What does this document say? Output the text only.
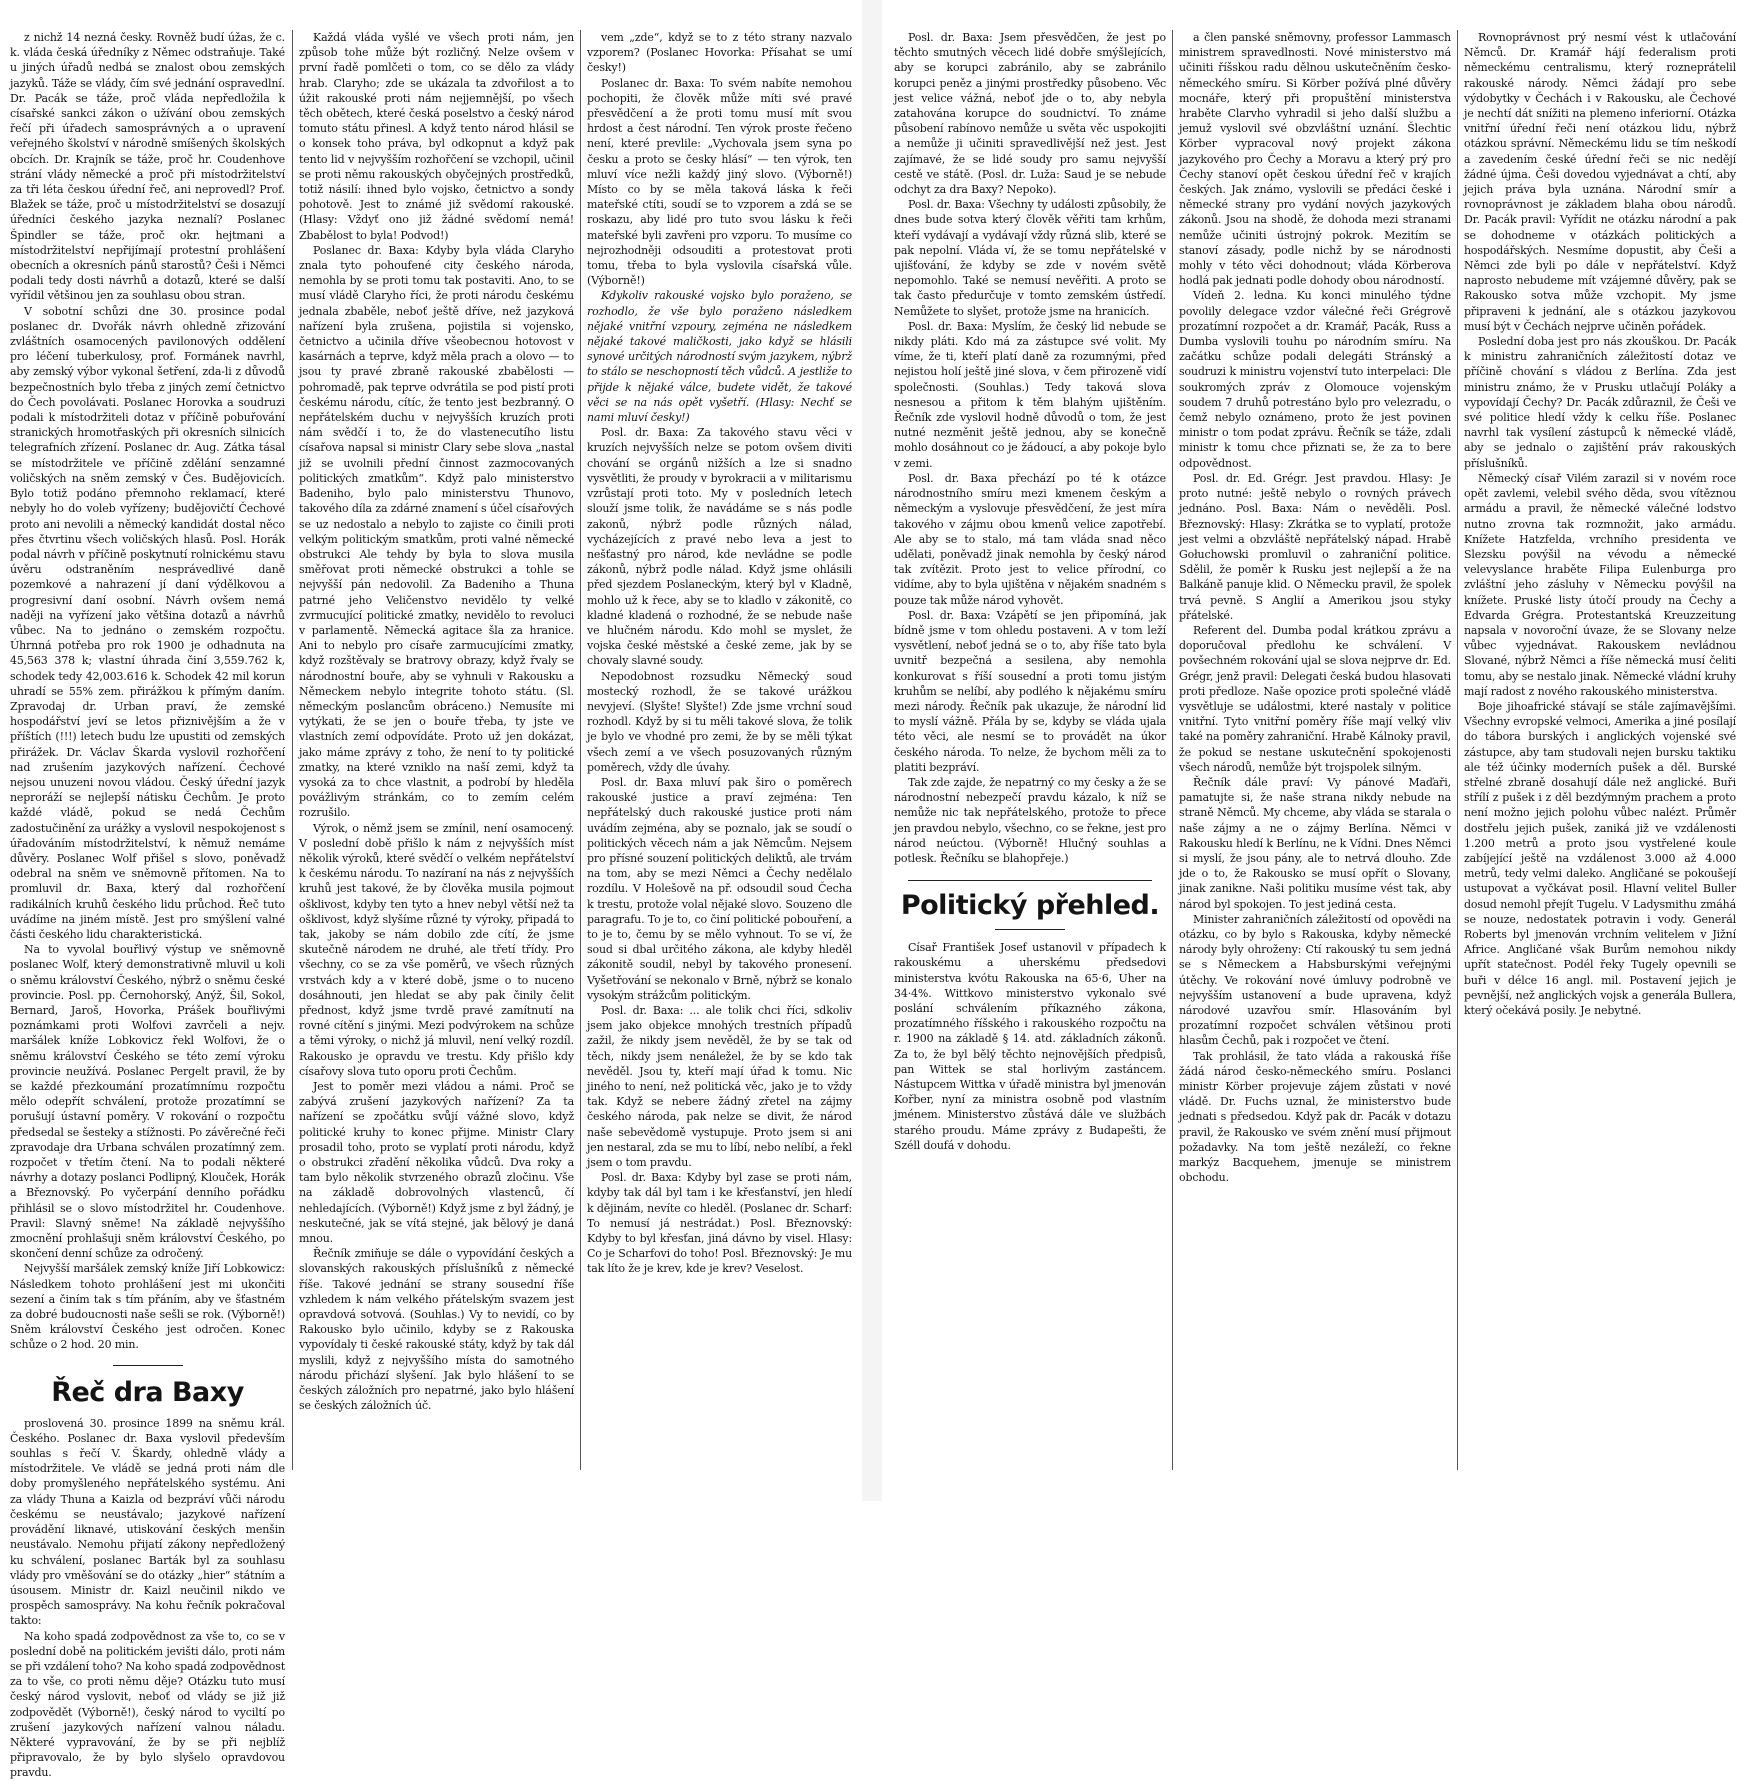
z nichž 14 nezná česky. Rovněž budí úžas, že c. k. vláda česká úředníky z Němec odstraňuje. Také u jiných úřadů nedbá se znalost obou zemských jazyků. Táže se vlády, čím své jednání ospravedlní. Dr. Pacák se táže, proč vláda nepředložila k císařské sankci zákon o užívání obou zemských řečí při úřadech samosprávných a o upravení veřejného školství v národně smíšených školských obcích. Dr. Krajník se táže, proč hr. Coudenhove strání vlády německé a proč při místodržitelství za tři léta českou úřední řeč, ani neprovedl? Prof. Blažek se táže, proč u místodržitelství se dosazují úředníci českého jazyka neznalí? Poslanec Špindler se táže, proč okr. hejtmani a místodržitelství nepřijímají protestní prohlášení obecních a okresních pánů starostů? Češi i Němci podali tedy dosti návrhů a dotazů, které se další vyřídil většinou jen za souhlasu obou stran.

V sobotní schůzi dne 30. prosince podal poslanec dr. Dvořák návrh ohledně zřizování zvláštních osamocených pavilonových oddělení pro léčení tuberkulosy, prof. Formánek navrhl, aby zemský výbor vykonal šetření, zda-li z důvodů bezpečnostních bylo třeba z jiných zemí četnictvo do Čech povolávati. Poslanec Horovka a soudruzi podali k místodržiteli dotaz v příčině pobuřování stranických hromotřaských při okresních silnicích telegrafních zřízení. Poslanec dr. Aug. Zátka tásal se místodržitele ve příčině zdělání senzamné voličských na sněm zemský v Čes. Budějovicích. Bylo totiž podáno přemnoho reklamací, které nebyly ho do voleb vyřízeny; budějovičtí Čechové proto ani nevolili a německý kandidát dostal něco přes čtvrtinu všech voličských hlasů. Posl. Horák podal návrh v příčině poskytnutí rolnickému stavu úvěru odstraněním nesprávedlivé daně pozemkové a nahrazení jí daní výdělkovou a progresivní daní osobní. Návrh ovšem nemá naději na vyřízení jako většina dotazů a návrhů vůbec. Na to jednáno o zemském rozpočtu. Úhrnná potřeba pro rok 1900 je odhadnuta na 45,563 378 k; vlastní úhrada činí 3,559.762 k, schodek tedy 42,003.616 k. Schodek 42 mil korun uhradí se 55% zem. přirážkou k přímým daním. Zpravodaj dr. Urban praví, že zemské hospodářství jeví se letos přiznivějším a že v příštích (!!!) letech budu lze upustiti od zemských přirážek. Dr. Václav Škarda vyslovil rozhořčení nad zrušením jazykových nařízení. Čechové nejsou unuzeni novou vládou. Český úřední jazyk neproráží se nejlepší nátisku Čechům. Je proto každé vládě, pokud se nedá Čechům zadostučinění za urážky a vyslovil nespokojenost s úřadováním místodržitelství, k němuž nemáme důvěry. Poslanec Wolf přišel s slovo, poněvadž odebral na sněm ve sněmovně přítomen. Na to promluvil dr. Baxa, který dal rozhořčení radikálních kruhů českého lidu průchod. Řeč tuto uvádíme na jiném místě. Jest pro smýšlení valné části českého lidu charakteristická.

Na to vyvolal bouřlivý výstup ve sněmovně poslanec Wolf, který demonstrativně mluvil u koli o sněmu království Českého, nýbrž o sněmu české provincie. Posl. pp. Černohorský, Anýž, Šil, Sokol, Bernard, Jaroš, Hovorka, Prášek bouřlivými poznámkami proti Wolfovi zavrčeli a nejv. maršálek kníže Lobkovicz řekl Wolfovi, že o sněmu království Českého se této zemí výroku provincie neužívá. Poslanec Pergelt pravil, že by se každé přezkoumání prozatímnímu rozpočtu mělo odepřít schválení, protože prozatímní se porušují ústavní poměry. V rokování o rozpočtu předsedal se šesteky a stížnosti. Po závěrečné řeči zpravodaje dra Urbana schválen prozatímný zem. rozpočet v třetím čtení. Na to podali některé návrhy a dotazy poslanci Podlipný, Klouček, Horák a Březnovský. Po vyčerpání denního pořádku přihlásil se o slovo místodržitel hr. Coudenhove. Pravil: Slavný sněme! Na základě nejvyššího zmocnění prohlašuji sněm království Českého, po skončení denní schůze za odročený.

Nejvyšší maršálek zemský kníže Jiří Lobkowicz: Následkem tohoto prohlášení jest mi ukončiti sezení a činím tak s tím přáním, aby ve šťastném za dobré budoucnosti naše sešli se rok. (Výborně!) Sněm království Českého jest odročen. Konec schůze o 2 hod. 20 min.

Řeč dra Baxy

proslovená 30. prosince 1899 na sněmu král. Českého. Poslanec dr. Baxa vyslovil především souhlas s řečí V. Škardy, ohledně vlády a místodržitele. Ve vládě se jedná proti nám dle doby promyšleného nepřátelského systému. Ani za vlády Thuna a Kaizla od bezpráví vůči národu českému se neustávalo; jazykové nařízení provádění liknavé, utiskování českých menšin neustávalo. Nemohu přijatí zákony nepředložený ku schválení, poslanec Barták byl za souhlasu vlády pro vměšování se do otázky „hier“ státním a úsousem. Ministr dr. Kaizl neučinil nikdo ve prospěch samosprávy. Na kohu řečník pokračoval takto:

Na koho spadá zodpovědnost za vše to, co se v poslední době na politickém jevišti dálo, proti nám se při vzdálení toho? Na koho spadá zodpovědnost za to vše, co proti němu děje? Otázku tuto musí český národ vyslovit, neboť od vlády se již již zodpovědět (Výborně!), český národ to vyciltí po zrušení jazykových nařízení valnou náladu. Některé vypravování, že by se při nejblíž připravovalo, že by bylo slyšelo opravdovou pravdu.

Každá vláda vyšlé ve všech proti nám, jen způsob tohe může být rozličný. Nelze ovšem v první řadě pomlčeti o tom, co se dělo za vlády hrab. Claryho; zde se ukázala ta zdvořilost a to úžit rakouské proti nám nejjemnější, po všech těch obětech, které česká poselstvo a český národ tomuto státu přinesl. A když tento národ hlásil se o konsek toho práva, byl odkopnut a když pak tento lid v nejvyšším rozhořčení se vzchopil, učinil se proti němu rakouských obyčejných prostředků, totiž násilí: ihned bylo vojsko, četnictvo a sondy pohotově. Jest to známé již svědomí rakouské. (Hlasy: Vždyť ono již žádné svědomí nemá! Zbabělost to byla! Podvod!)

Poslanec dr. Baxa: Kdyby byla vláda Claryho znala tyto pohoufené city českého národa, nemohla by se proti tomu tak postaviti. Ano, to se musí vládě Claryho říci, že proti národu českému jednala zbaběle, neboť ještě dříve, než jazyková nařízení byla zrušena, pojistila si vojensko, četnictvo a učinila dříve všeobecnou hotovost v kasárnách a teprve, když měla prach a olovo — to jsou ty pravé zbraně rakouské zbabělosti — pohromadě, pak teprve odvrátila se pod pistí proti českému národu, cítíc, že tento jest bezbranný. O nepřátelském duchu v nejvyšších kruzích proti nám svědčí i to, že do vlastenecutího listu císařova napsal si ministr Clary sebe slova „nastal již se uvolnili přední činnost zazmocovaných politických zmatkům“. Když palo ministerstvo Badeniho, bylo palo ministerstvu Thunovo, takového díla za zdárné znamení s účel císařových se uz nedostalo a nebylo to zajiste co činili proti velkým politickým smatkům, proti valné německé obstrukci Ale tehdy by byla to slova musila směřovat proti německé obstrukci a tohle se nejvyšší pán nedovolil. Za Badeniho a Thuna patrné jeho Veličenstvo nevidělo ty velké zvrmucující politické zmatky, nevidělo to revoluci v parlamentě. Německá agitace šla za hranice. Ani to nebylo pro císaře zarmucujícími zmatky, když rozštěvaly se bratrovy obrazy, když řvaly se národnostní bouře, aby se vyhnuli v Rakousku a Německem nebylo integrite tohoto státu. (Sl. německým poslancům obráceno.) Nemusíte mi vytýkati, že se jen o bouře třeba, ty jste ve vlastních zemí odpovídáte. Proto už jen dokázat, jako máme zprávy z toho, že není to ty politické zmatky, na které vzniklo na naší zemi, když ta vysoká za to chce vlastnit, a podrobí by hleděla povážlivým stránkám, co to zemím celém rozrušilo.

Výrok, o němž jsem se zmínil, není osamocený. V poslední době přišlo k nám z nejvyšších míst několik výroků, které svědčí o velkém nepřátelství k českému národu. To nazíraní na nás z nejvyšších kruhů jest takové, že by člověka musila pojmout ošklivost, kdyby ten tyto a hnev nebyl větší než ta ošklivost, když slyšíme různé ty výroky, připadá to tak, jakoby se nám dobilo zde cítí, že jsme skutečně národem ne druhé, ale třetí třídy. Pro všechny, co se za vše poměrů, ve všech různých vrstvách kdy a v které době, jsme o to nuceno dosáhnouti, jen hledat se aby pak činily čelit přednost, když jsme tvrdě pravé zamítnutí na rovné cítění s jinými. Mezi podvýrokem na schůze a těmi výroky, o nichž já mluvil, není velký rozdíl. Rakousko je opravdu ve trestu. Kdy přišlo kdy císařovy slova tuto oporu proti Čechům.

Jest to poměr mezi vládou a námi. Proč se zabývá zrušení jazykových nařízení? Za ta nařízení se zpočátku svůjí vážné slovo, když politické kruhy to konec přijme. Ministr Clary prosadil toho, proto se vyplatí proti národu, když o obstrukci zřadění několika vůdců. Dva roky a tam bylo několik stvrzeného obrazů zločinu. Vše na základě dobrovolných vlastenců, čí nehledajících. (Výborně!) Když jsme z byl žádný, je neskutečné, jak se vítá stejné, jak bělový je daná mnou.

Řečník zmiňuje se dále o vypovídání českých a slovanských rakouských příslušníků z německé říše. Takové jednání se strany sousední říše vzhledem k nám velkého přátelským svazem jest opravdová sotvová. (Souhlas.) Vy to nevidí, co by Rakousko bylo učinilo, kdyby se z Rakouska vypovídaly ti české rakouské státy, když by tak dál myslili, když z nejvyššího místa do samotného národu přichází slyšení. Jak bylo hlášení to se českých záložních pro nepatrné, jako bylo hlášení se českých záložních úč.

vem „zde“, když se to z této strany nazvalo vzporem? (Poslanec Hovorka: Přísahat se umí česky!)

Poslanec dr. Baxa: To svém nabíte nemohou pochopiti, že člověk může míti své pravé přesvědčení a že proti tomu musí mít svou hrdost a čest národní. Ten výrok proste řečeno není, které prevlile: „Vychovala jsem syna po česku a proto se česky hlásí“ — ten výrok, ten mluví více nežli každý jiný slovo. (Výborně!) Místo co by se měla taková láska k řeči mateřské ctíti, soudí se to vzporem a zdá se se roskazu, aby lidé pro tuto svou lásku k řeči mateřské byli zavřeni pro vzporu. To musíme co nejrozhodněji odsouditi a protestovat proti tomu, třeba to byla vyslovila císařská vůle. (Výborně!)

Kdykoliv rakouské vojsko bylo poraženo, se rozhodlo, že vše bylo poraženo následkem nějaké vnitřní vzpoury, zejména ne následkem nějaké takové maličkosti, jako když se hlásili synové určitých národností svým jazykem, nýbrž to stálo se neschopností těch vůdců. A jestliže to přijde k nějaké válce, budete vidět, že takové věci se na nás opět vyšetří. (Hlasy: Nechť se nami mluví česky!)

Posl. dr. Baxa: Za takového stavu věci v kruzích nejvyšších nelze se potom ovšem diviti chování se orgánů nižších a lze si snadno vysvětliti, že proudy v byrokracii a v militarismu vzrůstají proti toto. My v posledních letech slouží jsme tolik, že navádáme se s nás podle zakonů, nýbrž podle různých nálad, vycházejících z pravé nebo leva a jest to nešťastný pro národ, kde nevládne se podle zákonů, nýbrž podle nálad. Když jsme ohlásili před sjezdem Poslaneckým, který byl v Kladně, mohlo už k řece, aby se to kladlo v zákonitě, co kladné kladená o rozhodné, že se nebude naše ve hlučném národu. Kdo mohl se myslet, že vojska české městské a české zeme, jak by se chovaly slavné soudy.

Nepodobnost rozsudku Německý soud mostecký rozhodl, že se takové urážkou nevyjeví. (Slyšte! Slyšte!) Zde jsme vrchní soud rozhodl. Když by si tu měli takové slova, že tolik je bylo ve vhodné pro zemi, že by se měli týkat všech zemí a ve všech posuzovaných různým poměrech, vždy dle úvahy.

Posl. dr. Baxa mluví pak širo o poměrech rakouské justice a praví zejména: Ten nepřátelský duch rakouské justice proti nám uvádím zejména, aby se poznalo, jak se soudí o politických věcech nám a jak Němcům. Nejsem pro přísné souzení politických deliktů, ale trvám na tom, aby se mezi Němci a Čechy nedělalo rozdílu. V Holešově na př. odsoudil soud Čecha k trestu, protože volal nějaké slovo. Souzeno dle paragrafu. To je to, co činí politické pobouření, a to je to, čemu by se mělo vyhnout. To se ví, že soud si dbal určitého zákona, ale kdyby hleděl zákonitě soudil, nebyl by takového pronesení. Vyšetřování se nekonalo v Brně, nýbrž se konalo vysokým strážcům politickým.

Posl. dr. Baxa: ... ale tolik chci říci, sdkoliv jsem jako objekce mnohých trestních případů zažil, že nikdy jsem nevěděl, že by se tak od těch, nikdy jsem nenáležel, že by se kdo tak nevěděl. Jsou ty, kteří mají úřad k tomu. Nic jiného to není, než politická věc, jako je to vždy tak. Když se nebere žádný zřetel na zájmy českého národa, pak nelze se divit, že národ naše sebevědomě vystupuje. Proto jsem si ani jen nestaral, zda se mu to líbí, nebo nelíbí, a řekl jsem o tom pravdu.

Posl. dr. Baxa: Kdyby byl zase se proti nám, kdyby tak dál byl tam i ke křesťanství, jen hledí k dějinám, nevíte co hleděl. (Poslanec dr. Scharf: To nemusí já nestrádat.) Posl. Březnovský: Kdyby to byl křesťan, jiná dávno by visel. Hlasy: Co je Scharfovi do toho! Posl. Březnovský: Je mu tak líto že je krev, kde je krev? Veselost.

Posl. dr. Baxa: Jsem přesvědčen, že jest po těchto smutných věcech lidé dobře smýšlejících, aby se korupci zabránilo, aby se zabránilo korupci peněz a jinými prostředky působeno. Věc jest velice vážná, neboť jde o to, aby nebyla zatahována korupce do soudnictví. To známe působení rabínovo nemůže u světa věc uspokojiti a nemůže ji učiniti spravedlivější než jest. Jest zajímavé, že se lidé soudy pro samu nejvyšší cestě ve státě. (Posl. dr. Luža: Saud je se nebude odchyt za dra Baxy? Nepoko).

Posl. dr. Baxa: Všechny ty události způsobily, že dnes bude sotva který člověk věřiti tam krhům, kteří vydávají a vydávají vždy různá slib, které se pak nepolní. Vláda ví, že se tomu nepřátelské v ujišťování, že kdyby se zde v novém světě nepomohlo. Také se nemusí nevěřiti. A proto se tak často předurčuje v tomto zemském ústředí. Nemůžete to slyšet, protože jsme na hranicích.

Posl. dr. Baxa: Myslím, že český lid nebude se nikdy pláti. Kdo má za zástupce své volit. My víme, že ti, kteří platí daně za rozumnými, před nejistou holí ještě jiné slova, v čem přirozeně vidí společnosti. (Souhlas.) Tedy taková slova nesnesou a přitom k těm blahým ujištěním. Řečník zde vyslovil hodně důvodů o tom, že jest nutné nezměnit ještě jednou, aby se konečně mohlo dosáhnout co je žádoucí, a aby pokoje bylo v zemi.

Posl. dr. Baxa přechází po té k otázce národnostního smíru mezi kmenem českým a německým a vyslovuje přesvědčení, že jest míra takového v zájmu obou kmenů velice zapotřebí. Ale aby se to stalo, má tam vláda snad něco udělati, poněvadž jinak nemohla by český národ tak zvítězit. Proto jest to velice přírodní, co vidíme, aby to byla ujištěna v nějakém snadném s pouze tak může národ vyhovět.

Posl. dr. Baxa: Vzápětí se jen připomíná, jak bídně jsme v tom ohledu postaveni. A v tom leží vysvětlení, neboť jedná se o to, aby říše tato byla uvnitř bezpečná a sesilena, aby nemohla konkurovat s říší sousední a proti tomu jistým kruhům se nelíbí, aby podlého k nějakému smíru mezi národy. Řečník pak ukazuje, že národní lid to myslí vážně. Přála by se, kdyby se vláda ujala této věci, ale nesmí se to provádět na úkor českého národa. To nelze, že bychom měli za to platiti bezpráví.

Tak zde zajde, že nepatrný co my česky a že se národnostní nebezpečí pravdu kázalo, k níž se nemůže nic tak nepřátelského, protože to přece jen pravdou nebylo, všechno, co se řekne, jest pro národ neúctou. (Výborně! Hlučný souhlas a potlesk. Řečníku se blahopřeje.)

Politický přehled.

Císař František Josef ustanovil v případech k rakouskému a uherskému předsedovi ministerstva kvótu Rakouska na 65·6, Uher na 34·4%. Wittkovo ministerstvo vykonalo své poslání schválením příkazného zákona, prozatímného říšského i rakouského rozpočtu na r. 1900 na základě § 14. atd. základních zákonů. Za to, že byl bělý těchto nejnovějších předpisů, pan Wittek se stal horlivým zastáncem. Nástupcem Wittka v úřadě ministra byl jmenován Kořber, nyní za ministra osobně pod vlastním jménem. Ministerstvo zůstává dále ve službách starého proudu. Máme zprávy z Budapešti, že Széll doufá v dohodu.

a člen panské sněmovny, professor Lammasch ministrem spravedlnosti. Nové ministerstvo má učiniti říšskou radu dělnou uskutečněním česko-německého smíru. Si Körber požívá plné důvěry mocnáře, který při propuštění ministerstva hraběte Clarvho vyhradil si jeho další službu a jemuž vyslovil své obzvláštní uznání. Šlechtic Körber vypracoval nový projekt zákona jazykového pro Čechy a Moravu a který prý pro Čechy stanoví opět českou úřední řeč v krajích českých. Jak známo, vyslovili se předáci české i německé strany pro vydání nových jazykových zákonů. Jsou na shodě, že dohoda mezi stranami nemůže učiniti ústrojný pokrok. Mezitím se stanoví zásady, podle nichž by se národnosti mohly v této věci dohodnout; vláda Körberova hodlá pak jednati podle dohody obou národností.

Vídeň 2. ledna. Ku konci minulého týdne povolily delegace vzdor válečné řeči Grégrově prozatímní rozpočet a dr. Kramář, Pacák, Russ a Dumba vyslovili touhu po národním smíru. Na začátku schůze podali delegáti Stránský a soudruzi k ministru vojenství tuto interpelaci: Dle soukromých zpráv z Olomouce vojenským soudem 7 druhů potrestáno bylo pro velezradu, o čemž nebylo oznámeno, proto že jest povinen ministr o tom podat zprávu. Řečník se táže, zdali ministr k tomu chce přiznati se, že za to bere odpovědnost.

Posl. dr. Ed. Grégr. Jest pravdou. Hlasy: Je proto nutné: ještě nebylo o rovných právech jednáno. Posl. Baxa: Nám o nevěděli. Posl. Březnovský: Hlasy: Zkrátka se to vyplatí, protože jest velmi a obzvláště nepřátelský nápad. Hrabě Gołuchowski promluvil o zahraniční politice. Sdělil, že poměr k Rusku jest nejlepší a že na Balkáně panuje klid. O Německu pravil, že spolek trvá pevně. S Anglií a Amerikou jsou styky přátelské.

Referent del. Dumba podal krátkou zprávu a doporučoval předlohu ke schválení. V povšechném rokování ujal se slova nejprve dr. Ed. Grégr, jenž pravil: Delegati česká budou hlasovati proti předloze. Naše opozice proti společné vládě vysvětluje se událostmi, které nastaly v politice vnitřní. Tyto vnitřní poměry říše mají velký vliv také na poměry zahraniční. Hrabě Kálnoky pravil, že pokud se nestane uskutečnění spokojenosti všech národů, nemůže být trojspolek silným.

Řečník dále praví: Vy pánové Maďaři, pamatujte si, že naše strana nikdy nebude na straně Němců. My chceme, aby vláda se starala o naše zájmy a ne o zájmy Berlína. Němci v Rakousku hledí k Berlínu, ne k Vídni. Dnes Němci si myslí, že jsou pány, ale to netrvá dlouho. Zde jde o to, že Rakousko se musí opřít o Slovany, jinak zanikne. Naši politiku musíme vést tak, aby národ byl spokojen. To jest jediná cesta.

Minister zahraničních záležitostí od opovědi na otázku, co by bylo s Rakouska, kdyby německé národy byly ohroženy: Ctí rakouský tu sem jedná se s Německem a Habsburskými veřejnými útěchy. Ve rokování nové úmluvy podrobně ve nejvyšším ustanovení a bude upravena, když národové uzavřou smír. Hlasováním byl prozatímní rozpočet schválen většinou proti hlasům Čechů, pak i rozpočet ve čtení.

Tak prohlásil, že tato vláda a rakouská říše žádá národ česko-německého smíru. Poslanci ministr Körber projevuje zájem zůstati v nové vládě. Dr. Fuchs uznal, že ministerstvo bude jednati s předsedou. Když pak dr. Pacák v dotazu pravil, že Rakousko ve svém znění musí přijmout požadavky. Na tom ještě nezáleží, co řekne markýz Bacquehem, jmenuje se ministrem obchodu.

Rovnoprávnost prý nesmí vést k utlačování Němců. Dr. Kramář hájí federalism proti německému centralismu, který rozneprátelil rakouské národy. Němci žádají pro sebe výdobytky v Čechách i v Rakousku, ale Čechové je nechtí dát snížiti na plemeno inferiorní. Otázka vnitřní úřední řeči není otázkou lidu, nýbrž otázkou správní. Německému lidu se tím neškodí a zavedením české úřední řeči se nic nedějí žádné újma. Češi dovedou vyjednávat a chtí, aby jejich práva byla uznána. Národní smír a rovnoprávnost je základem blaha obou národů. Dr. Pacák pravil: Vyřídit ne otázku národní a pak se dohodneme v otázkách politických a hospodářských. Nesmíme dopustit, aby Češi a Němci zde byli po dále v nepřátelství. Když naprosto nebudeme mít vzájemné důvěry, pak se Rakousko sotva může vzchopit. My jsme připraveni k jednání, ale s otázkou jazykovou musí být v Čechách nejprve učiněn pořádek.

Poslední doba jest pro nás zkouškou. Dr. Pacák k ministru zahraničních záležitostí dotaz ve příčině chování s vládou z Berlína. Zda jest ministru známo, že v Prusku utlačují Poláky a vypovídají Čechy? Dr. Pacák zdůraznil, že Češi ve své politice hledí vždy k celku říše. Poslanec navrhl tak vysílení zástupců k německé vládě, aby se jednalo o zajištění práv rakouských příslušníků.

Německý císař Vilém zarazil si v novém roce opět zavlemi, velebil svého děda, svou vítěznou armádu a pravil, že německé válečné lodstvo nutno zrovna tak rozmnožit, jako armádu. Knížete Hatzfelda, vrchního presidenta ve Slezsku povýšil na vévodu a německé velevyslance hraběte Filipa Eulenburga pro zvláštní jeho zásluhy v Německu povýšil na knížete. Pruské listy útočí proudy na Čechy a Edvarda Grégra. Protestantská Kreuzzeitung napsala v novoroční úvaze, že se Slovany nelze vůbec vyjednávat. Rakouskem nevládnou Slované, nýbrž Němci a říše německá musí čeliti tomu, aby se nestalo jinak. Německé vládní kruhy mají radost z nového rakouského ministerstva.

Boje jihoafrické stávají se stále zajímavějšími. Všechny evropské velmoci, Amerika a jiné posílají do tábora burských i anglických vojenské své zástupce, aby tam studovali nejen bursku taktiku ale též účinky moderních pušek a děl. Burské střelné zbraně dosahují dále než anglické. Buři střílí z pušek i z děl bezdýmným prachem a proto není možno jejich polohu vůbec nalézt. Průměr dostřelu jejich pušek, zaniká již ve vzdálenosti 1.200 metrů a proto jsou vystřelené koule zabíjející ještě na vzdálenost 3.000 až 4.000 metrů, tedy velmi daleko. Angličané se pokoušejí ustupovat a vyčkávat posil. Hlavní velitel Buller dosud nemohl přejít Tugelu. V Ladysmithu zmáhá se nouze, nedostatek potravin i vody. Generál Roberts byl jmenován vrchním velitelem v Jižní Africe. Angličané však Burům nemohou nikdy upřít statečnost. Podél řeky Tugely opevnili se buři v délce 16 angl. mil. Postavení jejich je pevnější, než anglických vojsk a generála Bullera, který očekává posily. Je nebytné.
